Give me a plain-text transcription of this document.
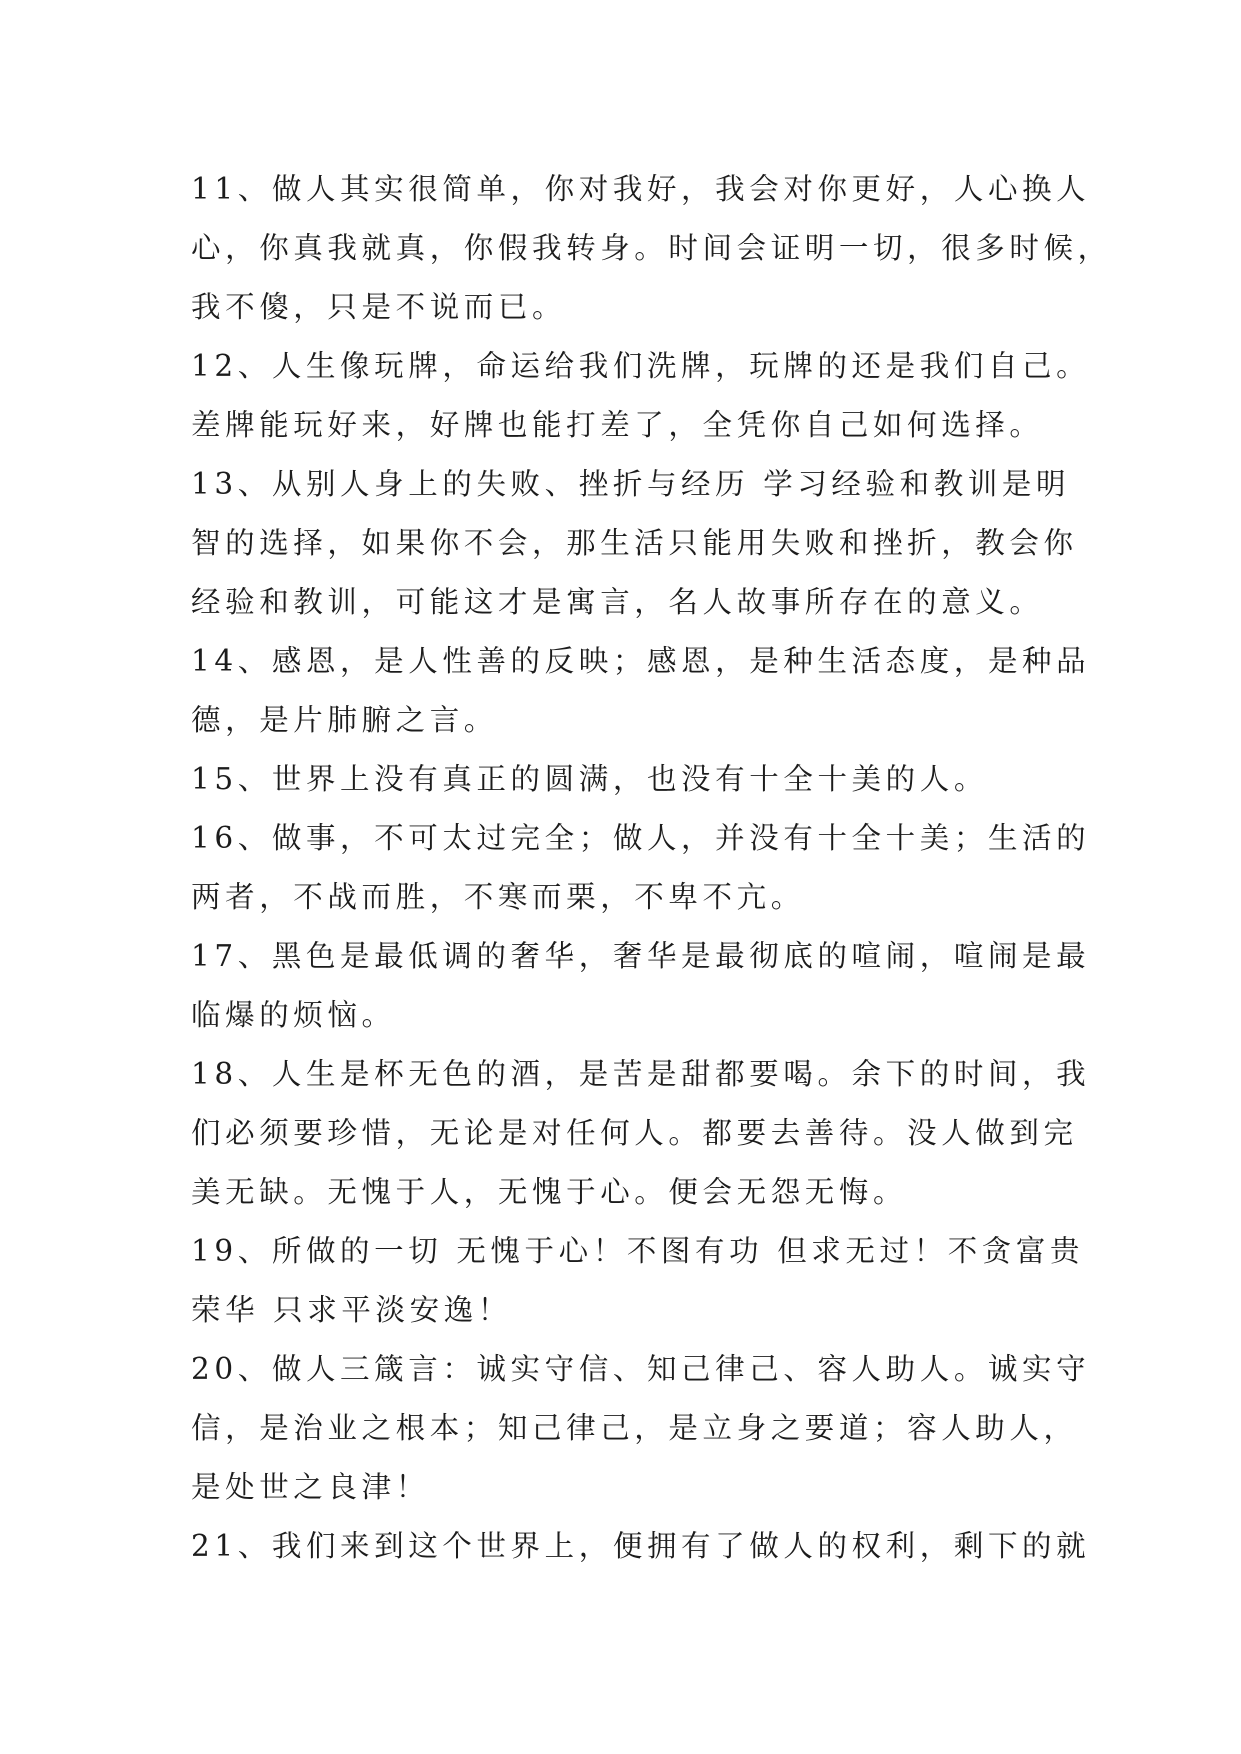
11、做人其实很简单，你对我好，我会对你更好，人心换人

心，你真我就真，你假我转身。时间会证明一切，很多时候，

我不傻，只是不说而已。

12、人生像玩牌，命运给我们洗牌，玩牌的还是我们自己。

差牌能玩好来，好牌也能打差了，全凭你自己如何选择。

13、从别人身上的失败、挫折与经历 学习经验和教训是明

智的选择，如果你不会，那生活只能用失败和挫折，教会你

经验和教训，可能这才是寓言，名人故事所存在的意义。

14、感恩，是人性善的反映；感恩，是种生活态度，是种品

德，是片肺腑之言。

15、世界上没有真正的圆满，也没有十全十美的人。

16、做事，不可太过完全；做人，并没有十全十美；生活的

两者，不战而胜，不寒而栗，不卑不亢。

17、黑色是最低调的奢华，奢华是最彻底的喧闹，喧闹是最

临爆的烦恼。

18、人生是杯无色的酒，是苦是甜都要喝。余下的时间，我

们必须要珍惜，无论是对任何人。都要去善待。没人做到完

美无缺。无愧于人，无愧于心。便会无怨无悔。

19、所做的一切 无愧于心！不图有功 但求无过！不贪富贵

荣华 只求平淡安逸！

20、做人三箴言：诚实守信、知己律己、容人助人。诚实守

信，是治业之根本；知己律己，是立身之要道；容人助人，

是处世之良津！

21、我们来到这个世界上，便拥有了做人的权利，剩下的就
